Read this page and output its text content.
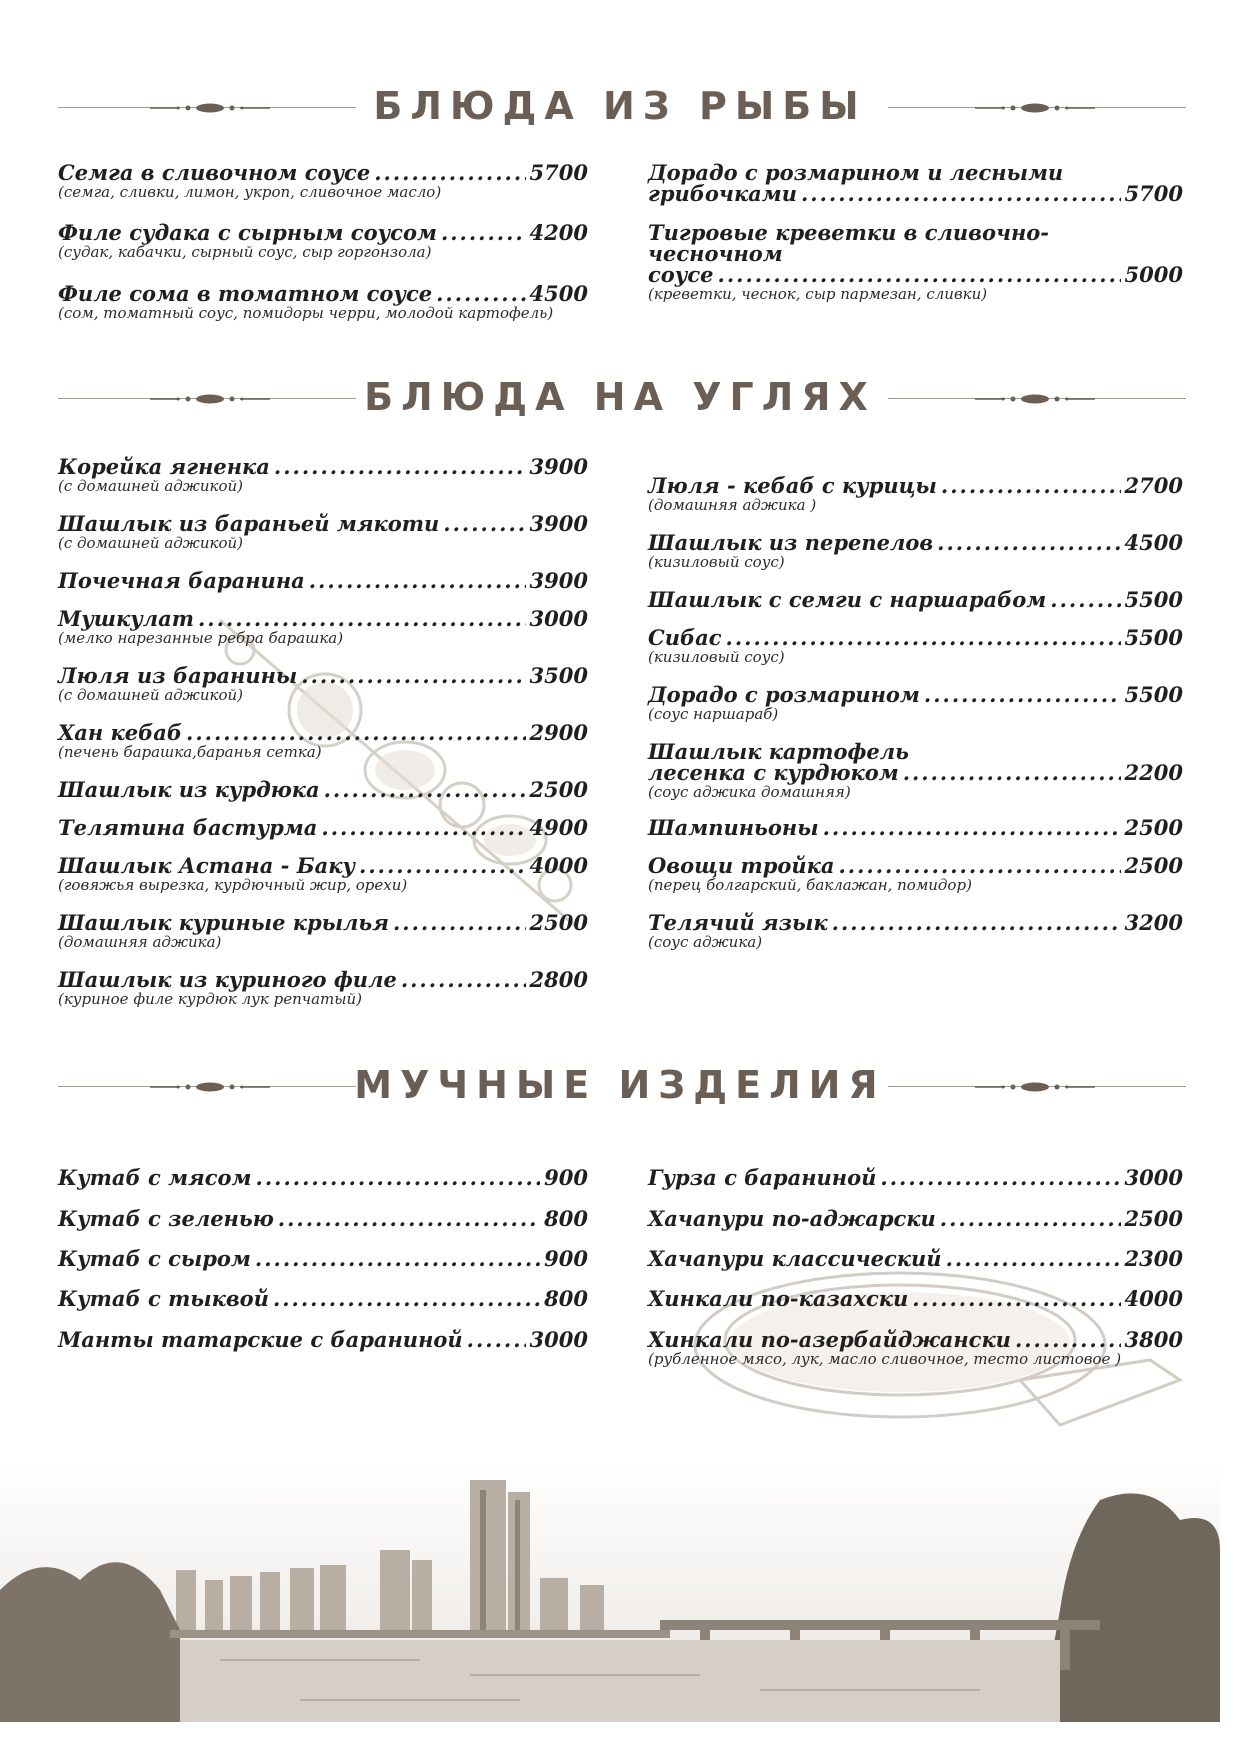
БЛЮДА ИЗ РЫБЫ
Семга в сливочном соусе .....	5700
(семга, сливки, лимон, укроп, сливочное масло)
Филе судака с сырным соусом .....	4200
(судак, кабачки, сырный соус, сыр горгонзола)
Филе сома в томатном соусе .....	4500
(сом, томатный соус, помидоры черри, молодой картофель)
Дорадо с розмарином и лесными
грибочками .....	5700
Тигровые креветки в сливочно-чесночном
соусе .....	5000
(креветки, чеснок, сыр пармезан, сливки)
БЛЮДА НА УГЛЯХ
Корейка ягненка .....	3900
(с домашней аджикой)
Шашлык из бараньей мякоти .....	3900
(с домашней аджикой)
Почечная баранина .....	3900
Мушкулат .....	3000
(мелко нарезанные ребра барашка)
Люля из баранины .....	3500
(с домашней аджикой)
Хан кебаб .....	2900
(печень барашка,баранья сетка)
Шашлык из курдюка .....	2500
Телятина бастурма .....	4900
Шашлык Астана - Баку .....	4000
(говяжья вырезка, курдючный жир, орехи)
Шашлык куриные крылья .....	2500
(домашняя аджика)
Шашлык из куриного филе .....	2800
(куриное филе курдюк лук репчатый)
Люля - кебаб с курицы .....	2700
(домашняя аджика )
Шашлык из перепелов .....	4500
(кизиловый соус)
Шашлык с семги с наршарабом .....	5500
Сибас .....	5500
(кизиловый соус)
Дорадо с розмарином .....	5500
(соус наршараб)
Шашлык картофель
лесенка с курдюком .....	2200
(соус аджика домашняя)
Шампиньоны .....	2500
Овощи тройка .....	2500
(перец болгарский, баклажан, помидор)
Телячий язык .....	3200
(соус аджика)
МУЧНЫЕ ИЗДЕЛИЯ
Кутаб с мясом .....	900
Кутаб с зеленью .....	800
Кутаб с сыром .....	900
Кутаб с тыквой .....	800
Манты татарские с бараниной .....	3000
Гурза с бараниной .....	3000
Хачапури по-аджарски .....	2500
Хачапури классический .....	2300
Хинкали по-казахски .....	4000
Хинкали по-азербайджански .....	3800
(рубленное мясо, лук, масло сливочное, тесто листовое )
